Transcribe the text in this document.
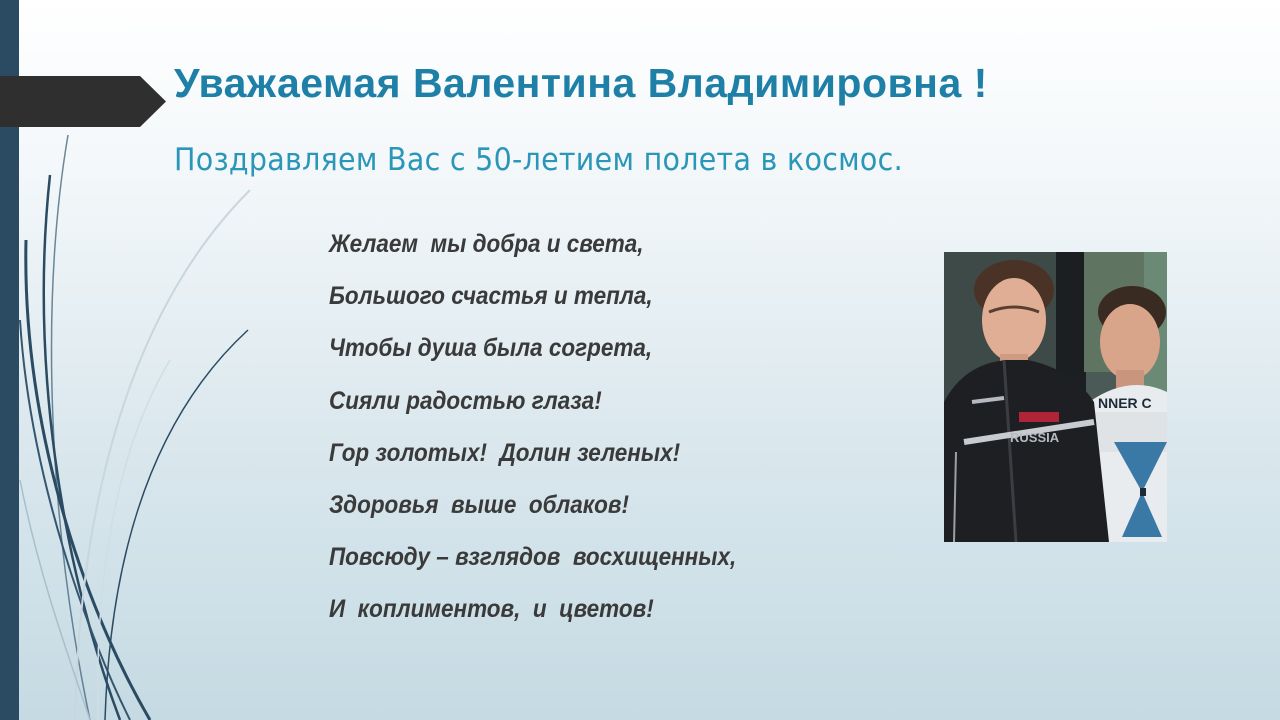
Уважаемая Валентина Владимировна !
Поздравляем Вас с 50-летием полета в космос.
Желаем  мы добра и света,
Большого счастья и тепла,
Чтобы душа была согрета,
Сияли радостью глаза!
Гор золотых!  Долин зеленых!
Здоровья  выше  облаков!
Повсюду – взглядов  восхищенных,
И  коплиментов,  и  цветов!
NNER C
RUSSIA
